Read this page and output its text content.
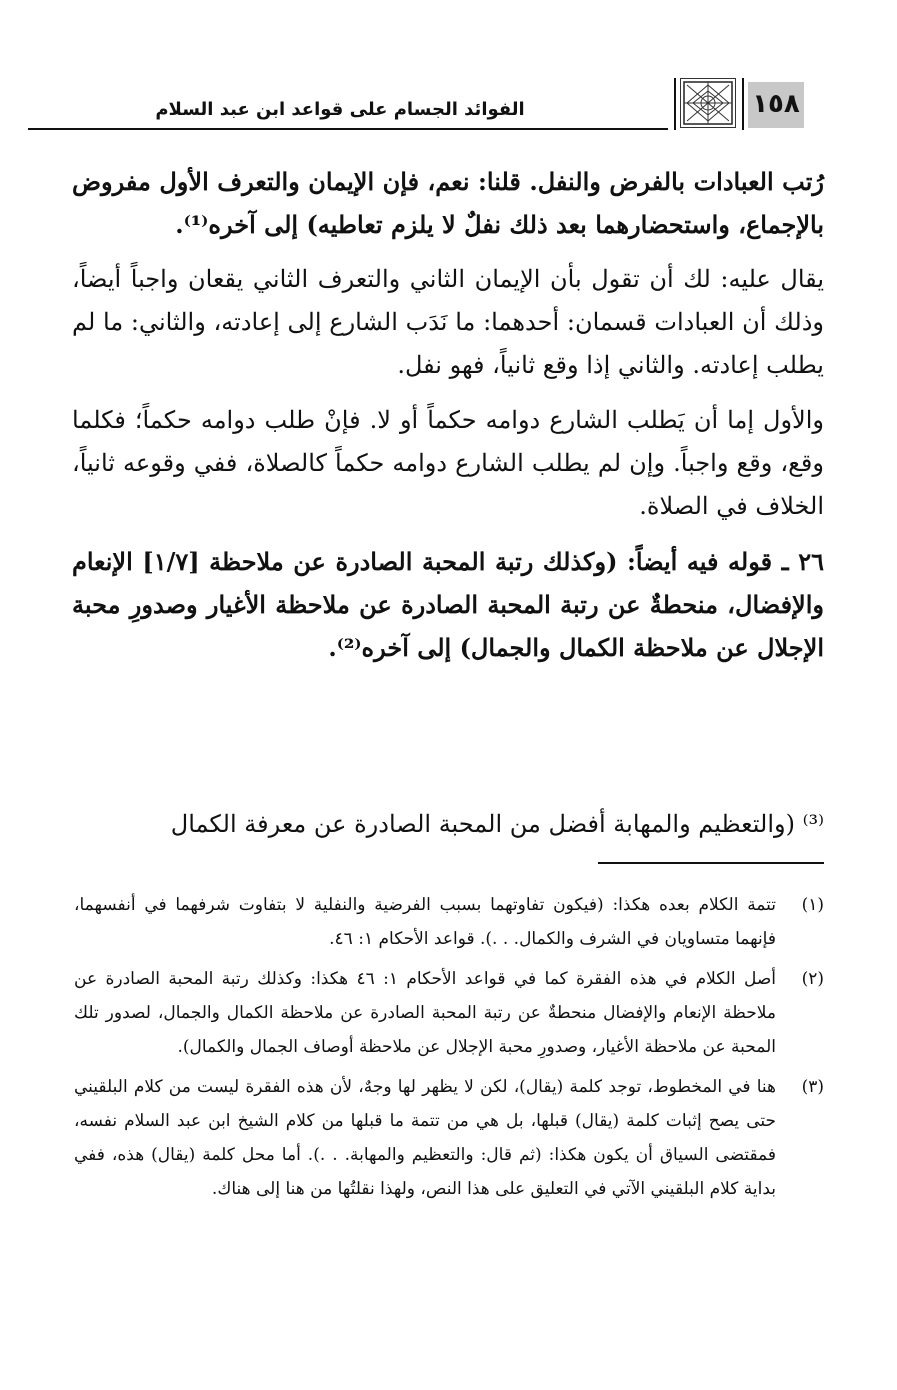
١٥٨
الفوائد الجسام على قواعد ابن عبد السلام

رُتب العبادات بالفرض والنفل. قلنا: نعم، فإن الإيمان والتعرف الأول مفروض بالإجماع، واستحضارهما بعد ذلك نفلٌ لا يلزم تعاطيه) إلى آخره⁽¹⁾.

يقال عليه: لك أن تقول بأن الإيمان الثاني والتعرف الثاني يقعان واجباً أيضاً، وذلك أن العبادات قسمان: أحدهما: ما نَدَب الشارع إلى إعادته، والثاني: ما لم يطلب إعادته. والثاني إذا وقع ثانياً، فهو نفل.

والأول إما أن يَطلب الشارع دوامه حكماً أو لا. فإنْ طلب دوامه حكماً؛ فكلما وقع، وقع واجباً. وإن لم يطلب الشارع دوامه حكماً كالصلاة، ففي وقوعه ثانياً، الخلاف في الصلاة.

٢٦ ـ قوله فيه أيضاً: (وكذلك رتبة المحبة الصادرة عن ملاحظة [١/٧] الإنعام والإفضال، منحطةٌ عن رتبة المحبة الصادرة عن ملاحظة الأغيار وصدورِ محبة الإجلال عن ملاحظة الكمال والجمال) إلى آخره⁽²⁾.

⁽³⁾ (والتعظيم والمهابة أفضل من المحبة الصادرة عن معرفة الكمال
(١)
تتمة الكلام بعده هكذا: (فيكون تفاوتهما بسبب الفرضية والنفلية لا بتفاوت شرفهما في أنفسهما، فإنهما متساويان في الشرف والكمال. . .). قواعد الأحكام ١: ٤٦.
(٢)
أصل الكلام في هذه الفقرة كما في قواعد الأحكام ١: ٤٦ هكذا: وكذلك رتبة المحبة الصادرة عن ملاحظة الإنعام والإفضال منحطةٌ عن رتبة المحبة الصادرة عن ملاحظة الكمال والجمال، لصدور تلك المحبة عن ملاحظة الأغيار، وصدورِ محبة الإجلال عن ملاحظة أوصاف الجمال والكمال).
(٣)
هنا في المخطوط، توجد كلمة (يقال)، لكن لا يظهر لها وجهٌ، لأن هذه الفقرة ليست من كلام البلقيني حتى يصح إثبات كلمة (يقال) قبلها، بل هي من تتمة ما قبلها من كلام الشيخ ابن عبد السلام نفسه، فمقتضى السياق أن يكون هكذا: (ثم قال: والتعظيم والمهابة. . .). أما محل كلمة (يقال) هذه، ففي بداية كلام البلقيني الآتي في التعليق على هذا النص، ولهذا نقلتُها من هنا إلى هناك.
